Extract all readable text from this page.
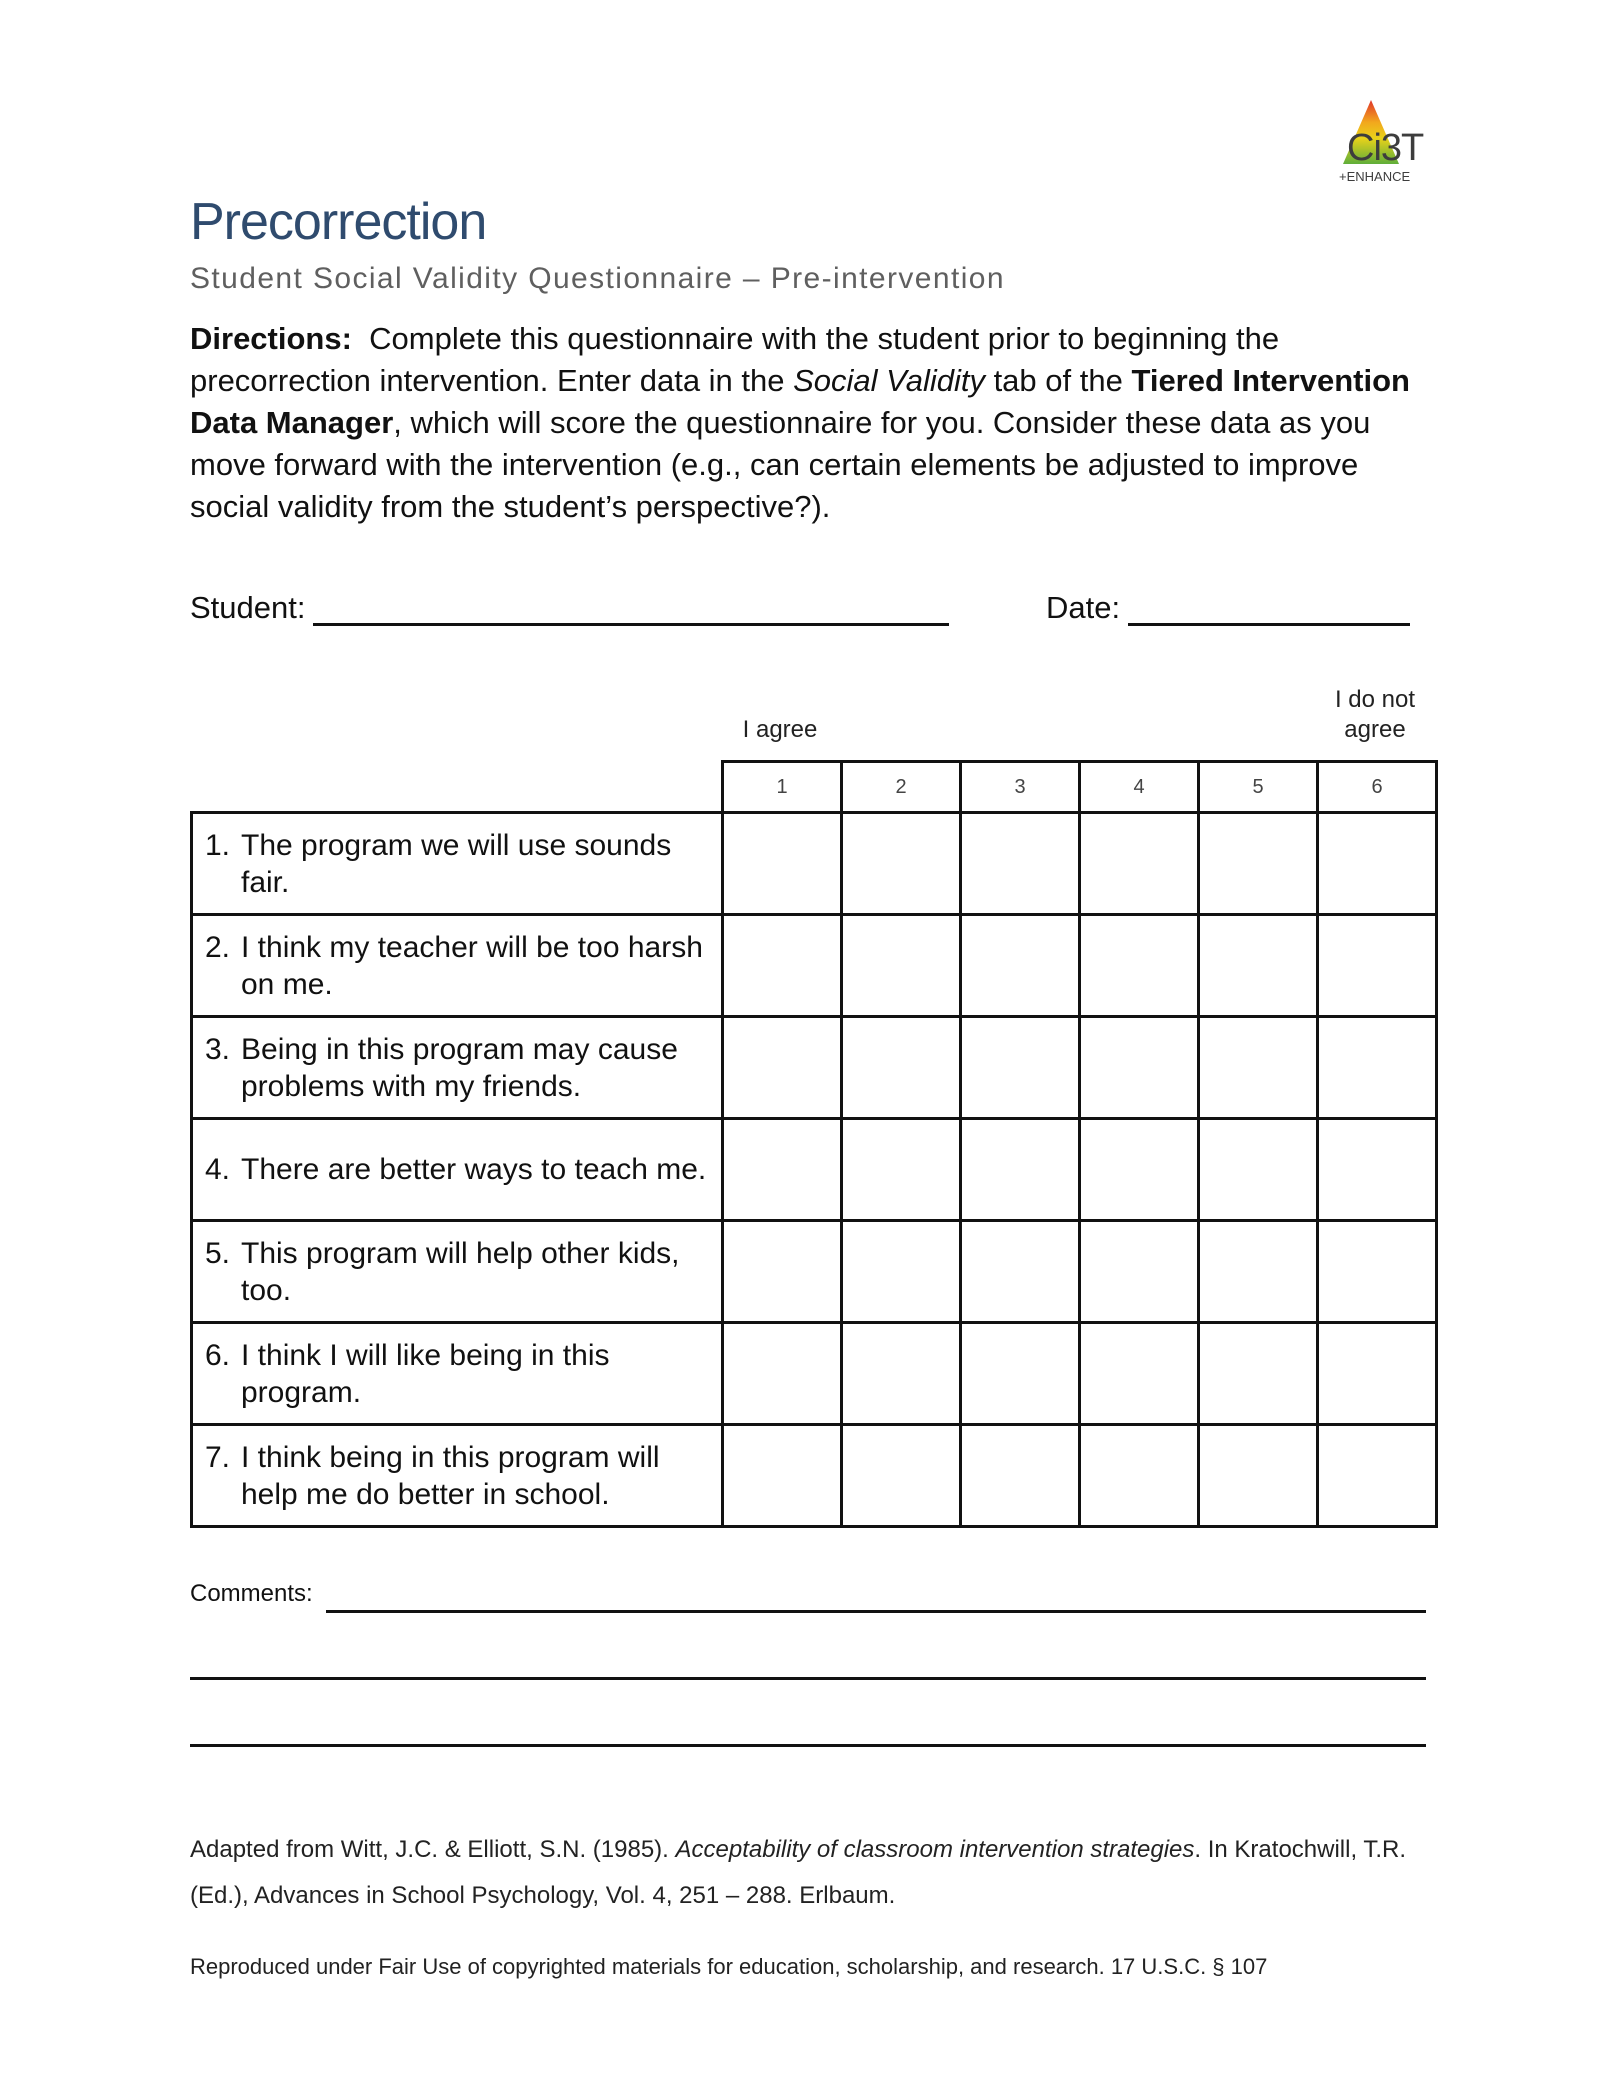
Ci3T
+ENHANCE
Precorrection
Student Social Validity Questionnaire – Pre-intervention
Directions: Complete this questionnaire with the student prior to beginning the precorrection intervention. Enter data in the Social Validity tab of the Tiered Intervention Data Manager, which will score the questionnaire for you. Consider these data as you move forward with the intervention (e.g., can certain elements be adjusted to improve social validity from the student’s perspective?).
Student:	Date:
I agree
I do not
agree
	1	2	3	4	5	6

1. The program we will use sounds fair.						

2. I think my teacher will be too harsh on me.						

3. Being in this program may cause problems with my friends.						

4. There are better ways to teach me.						

5. This program will help other kids, too.						

6. I think I will like being in this program.						

7. I think being in this program will help me do better in school.						

Comments:
Adapted from Witt, J.C. & Elliott, S.N. (1985). Acceptability of classroom intervention strategies. In Kratochwill, T.R. (Ed.), Advances in School Psychology, Vol. 4, 251 – 288. Erlbaum.
Reproduced under Fair Use of copyrighted materials for education, scholarship, and research. 17 U.S.C. § 107
